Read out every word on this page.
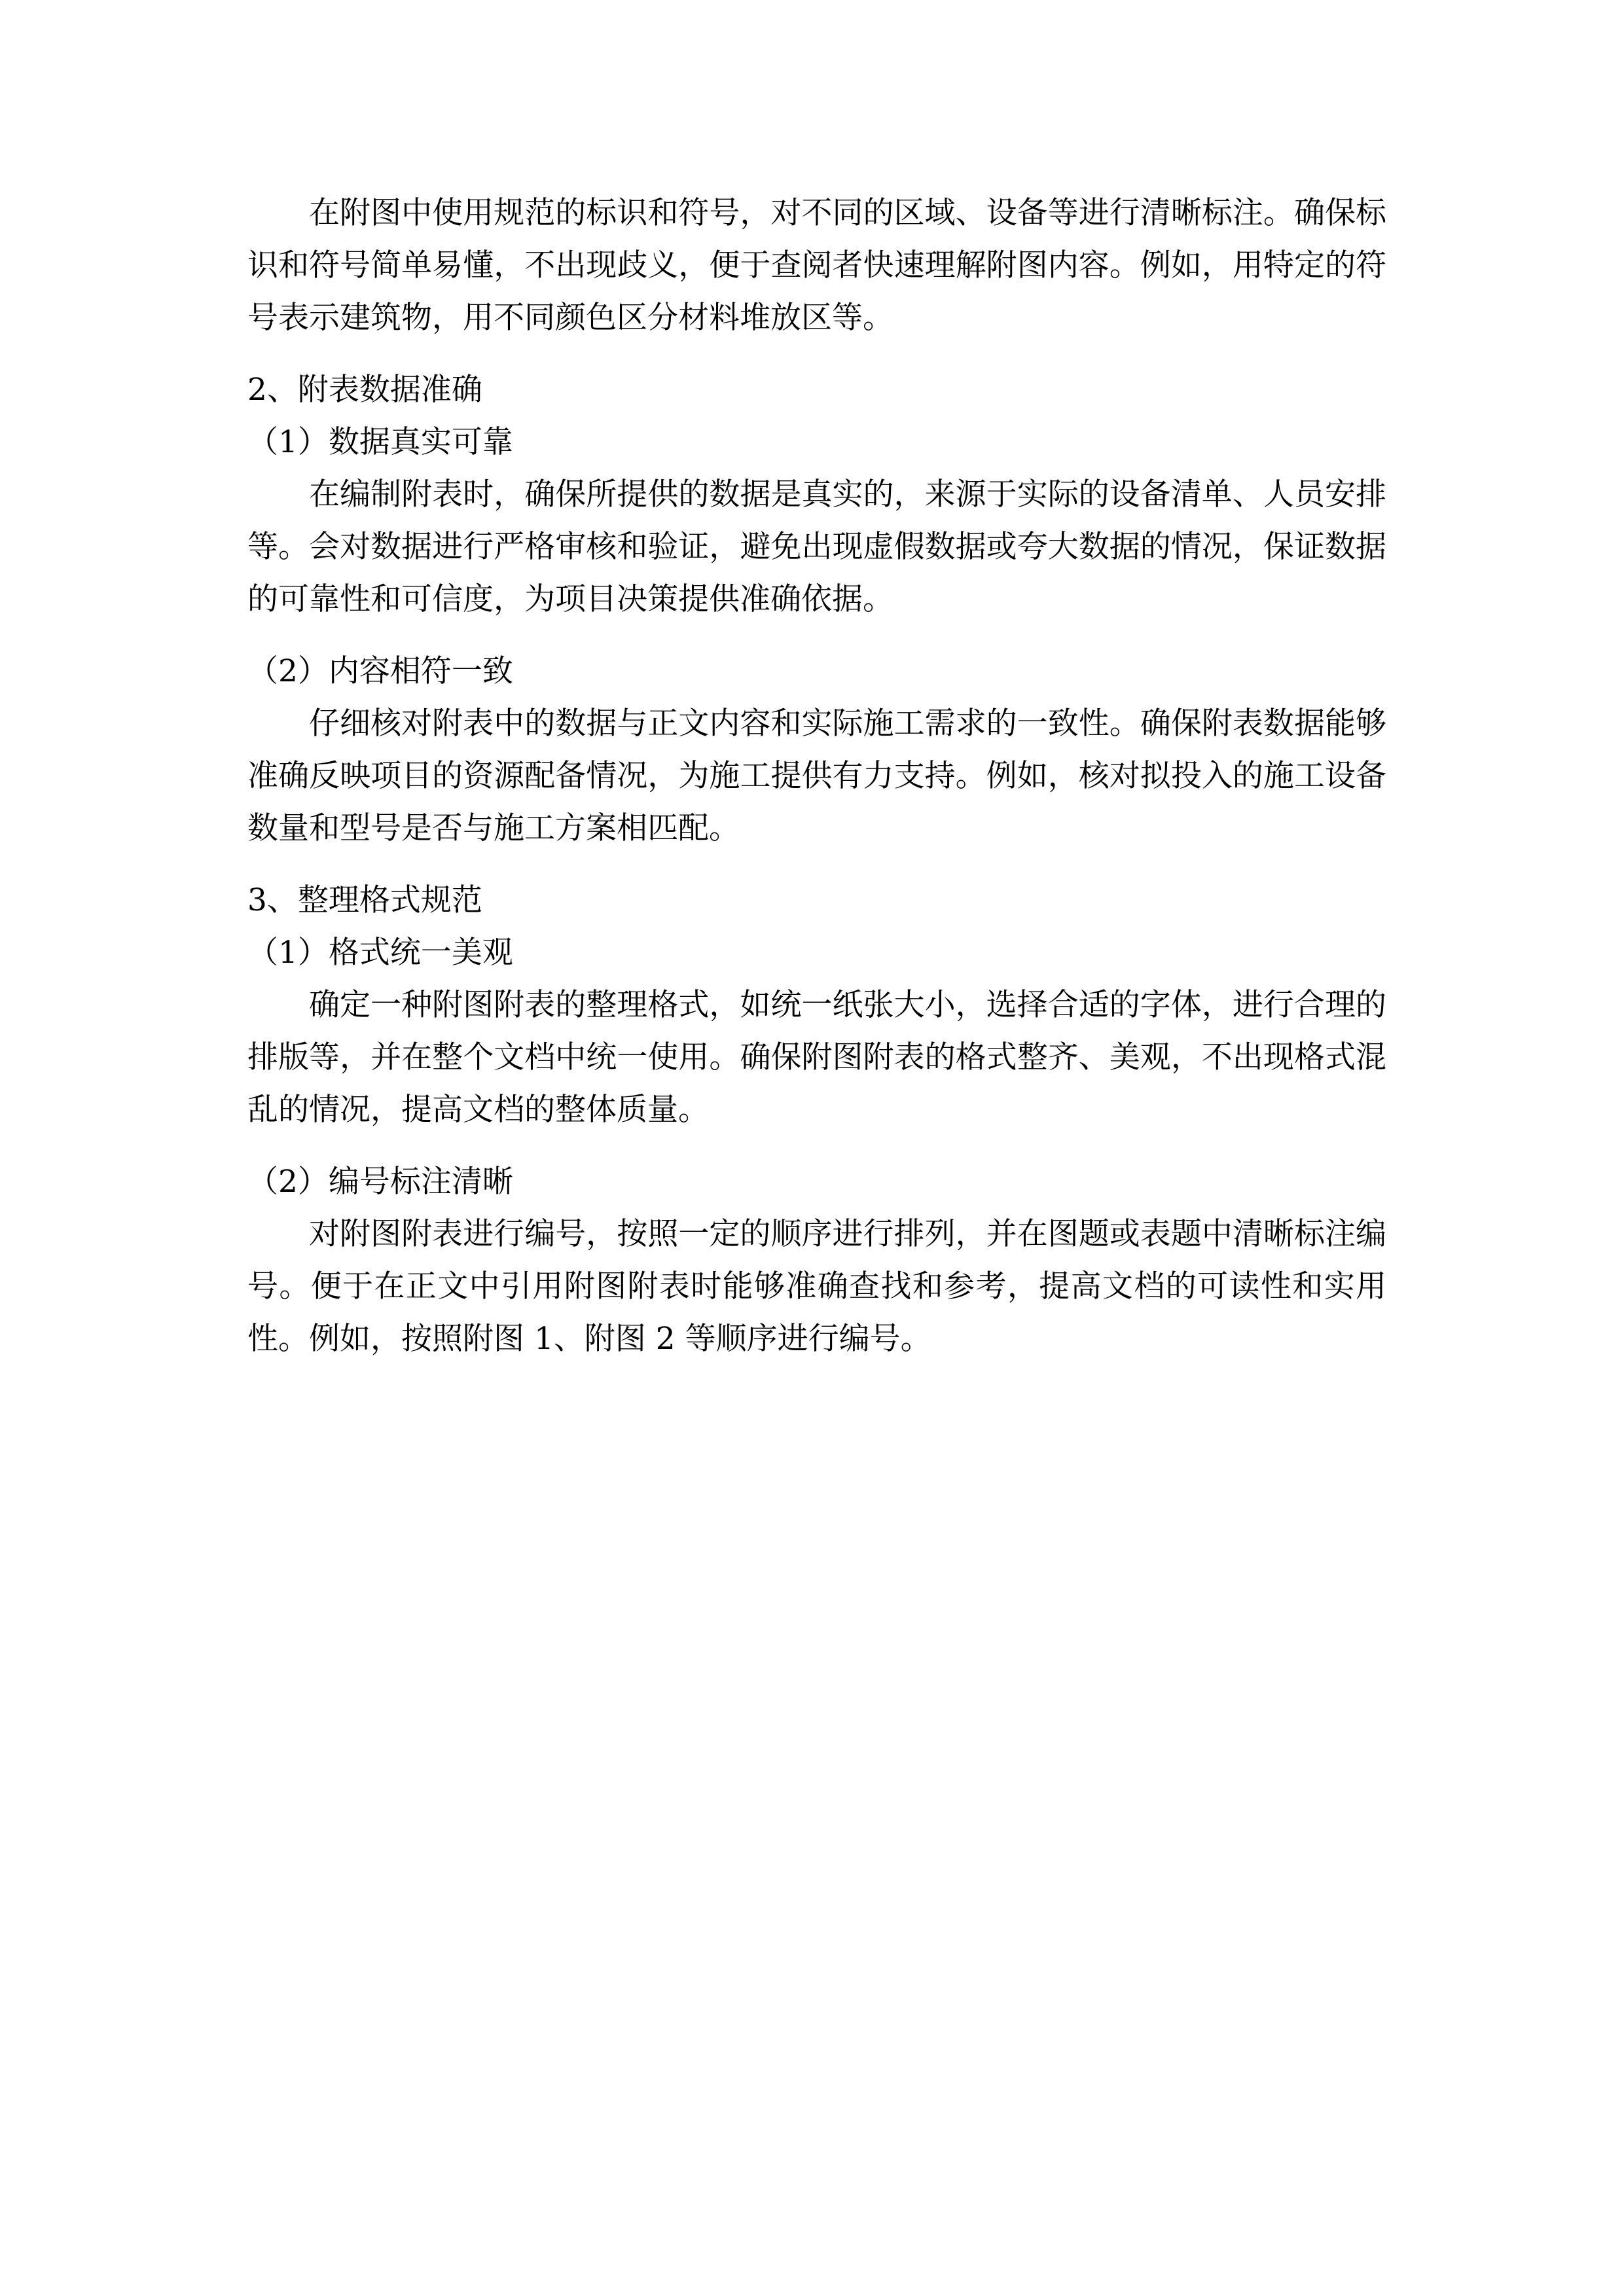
在附图中使用规范的标识和符号，对不同的区域、设备等进行清晰标注。确保标识和符号简单易懂，不出现歧义，便于查阅者快速理解附图内容。例如，用特定的符号表示建筑物，用不同颜色区分材料堆放区等。

2、附表数据准确

（1）数据真实可靠

在编制附表时，确保所提供的数据是真实的，来源于实际的设备清单、人员安排等。会对数据进行严格审核和验证，避免出现虚假数据或夸大数据的情况，保证数据的可靠性和可信度，为项目决策提供准确依据。

（2）内容相符一致

仔细核对附表中的数据与正文内容和实际施工需求的一致性。确保附表数据能够准确反映项目的资源配备情况，为施工提供有力支持。例如，核对拟投入的施工设备数量和型号是否与施工方案相匹配。

3、整理格式规范

（1）格式统一美观

确定一种附图附表的整理格式，如统一纸张大小，选择合适的字体，进行合理的排版等，并在整个文档中统一使用。确保附图附表的格式整齐、美观，不出现格式混乱的情况，提高文档的整体质量。

（2）编号标注清晰

对附图附表进行编号，按照一定的顺序进行排列，并在图题或表题中清晰标注编号。便于在正文中引用附图附表时能够准确查找和参考，提高文档的可读性和实用性。例如，按照附图 1、附图 2 等顺序进行编号。
